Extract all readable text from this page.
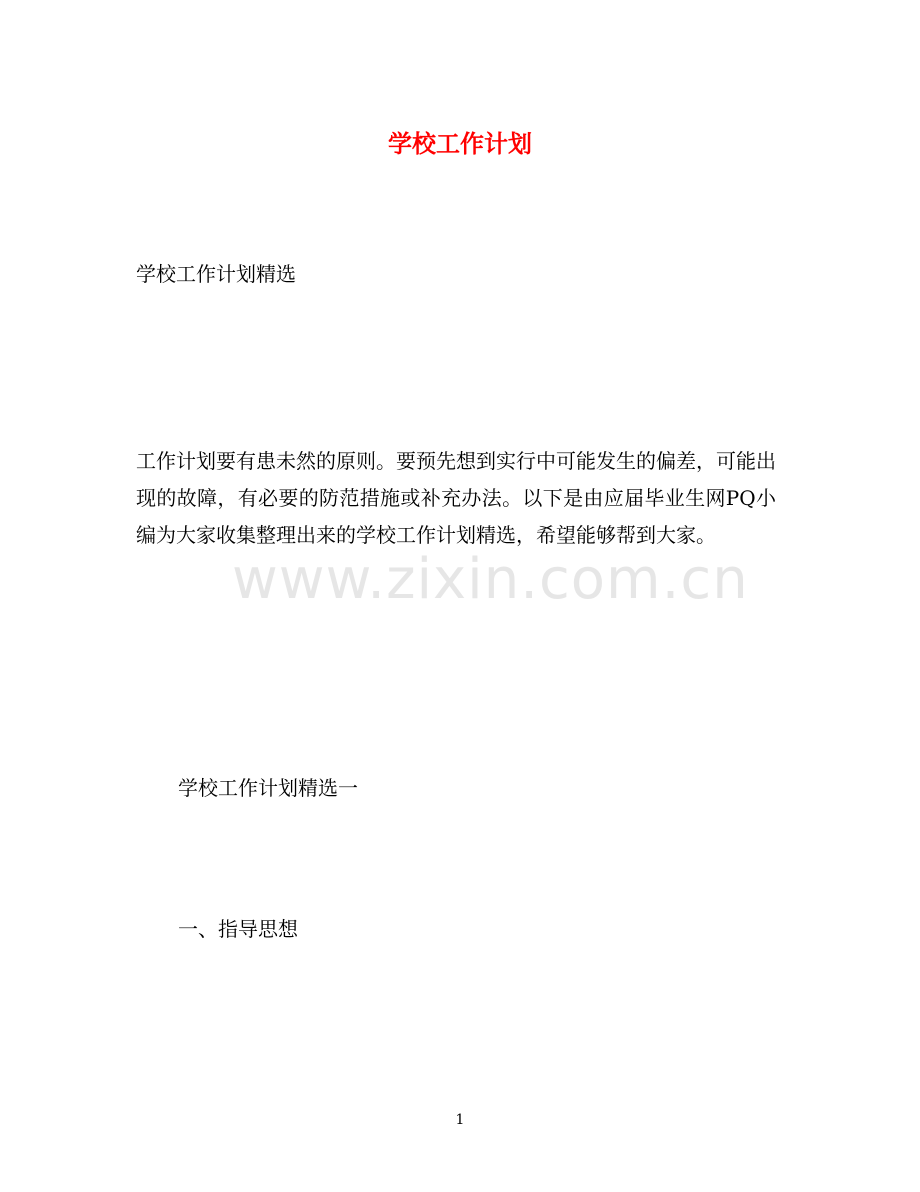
学校工作计划
学校工作计划精选
工作计划要有患未然的原则。要预先想到实行中可能发生的偏差，可能出现的故障，有必要的防范措施或补充办法。以下是由应届毕业生网PQ小编为大家收集整理出来的学校工作计划精选，希望能够帮到大家。
www.zixin.com.cn
学校工作计划精选一
一、指导思想
1
